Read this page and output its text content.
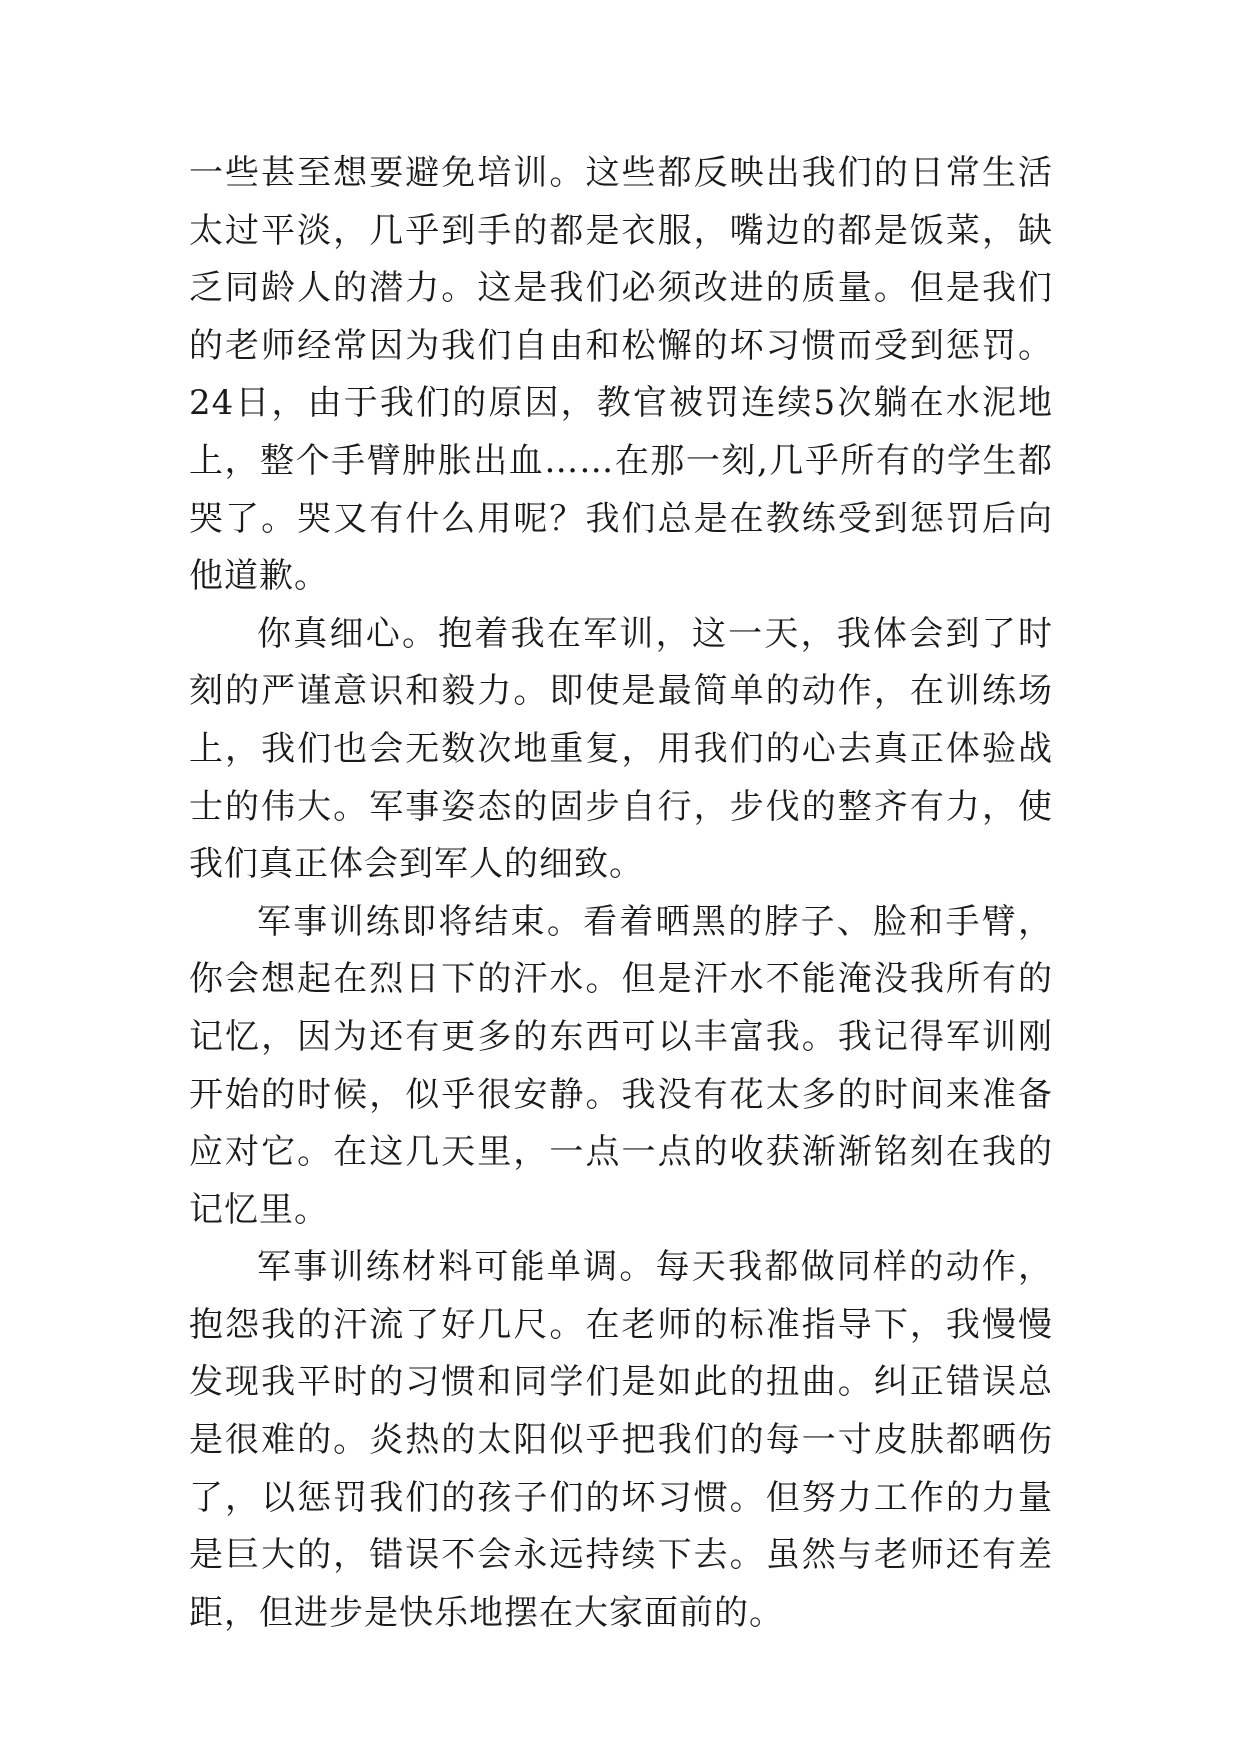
一些甚至想要避免培训。这些都反映出我们的日常生活太过平淡，几乎到手的都是衣服，嘴边的都是饭菜，缺乏同龄人的潜力。这是我们必须改进的质量。但是我们的老师经常因为我们自由和松懈的坏习惯而受到惩罚。24日，由于我们的原因，教官被罚连续5次躺在水泥地上，整个手臂肿胀出血……在那一刻,几乎所有的学生都哭了。哭又有什么用呢？我们总是在教练受到惩罚后向他道歉。

你真细心。抱着我在军训，这一天，我体会到了时刻的严谨意识和毅力。即使是最简单的动作，在训练场上，我们也会无数次地重复，用我们的心去真正体验战士的伟大。军事姿态的固步自行，步伐的整齐有力，使我们真正体会到军人的细致。

军事训练即将结束。看着晒黑的脖子、脸和手臂，你会想起在烈日下的汗水。但是汗水不能淹没我所有的记忆，因为还有更多的东西可以丰富我。我记得军训刚开始的时候，似乎很安静。我没有花太多的时间来准备应对它。在这几天里，一点一点的收获渐渐铭刻在我的记忆里。

军事训练材料可能单调。每天我都做同样的动作，抱怨我的汗流了好几尺。在老师的标准指导下，我慢慢发现我平时的习惯和同学们是如此的扭曲。纠正错误总是很难的。炎热的太阳似乎把我们的每一寸皮肤都晒伤了，以惩罚我们的孩子们的坏习惯。但努力工作的力量是巨大的，错误不会永远持续下去。虽然与老师还有差距，但进步是快乐地摆在大家面前的。
